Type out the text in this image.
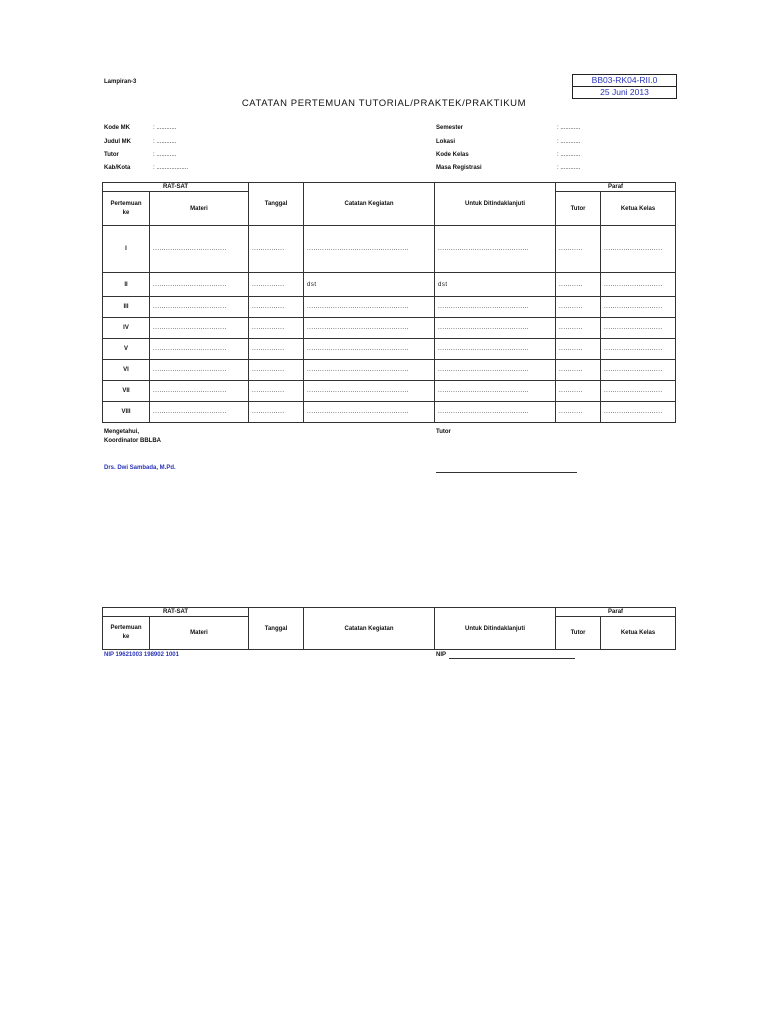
Lampiran-3	BB03-RK04-RII.0
25 Juni 2013
CATATAN PERTEMUAN TUTORIAL/PRAKTEK/PRAKTIKUM
Kode MK	: ............
Judul MK	: ............
Tutor	: ............
Kab/Kota	: ...................
Semester	: ............
Lokasi	: ............
Kode Kelas	: ............
Masa Registrasi	: ............
RAT-SAT		Tanggal	Catatan Kegiatan	Untuk Ditindaklanjuti	Paraf	
Pertemuan ke	Materi				Tutor	Ketua Kelas
I	..................................	...............	...............................................	..........................................	...........	...........................
II	..................................	...............	dst	dst	...........	...........................
III	..................................	...............	...............................................	..........................................	...........	...........................
IV	..................................	...............	...............................................	..........................................	...........	...........................
V	..................................	...............	...............................................	..........................................	...........	...........................
VI	..................................	...............	...............................................	..........................................	...........	...........................
VII	..................................	...............	...............................................	..........................................	...........	...........................
VIII	..................................	...............	...............................................	..........................................	...........	...........................
Mengetahui,
Koordinator BBLBA
Tutor
Drs. Dwi Sambada, M.Pd.
RAT-SAT		Tanggal	Catatan Kegiatan	Untuk Ditindaklanjuti	Paraf	
Pertemuan ke	Materi				Tutor	Ketua Kelas
NIP 19621003 198902 1001	NIP
